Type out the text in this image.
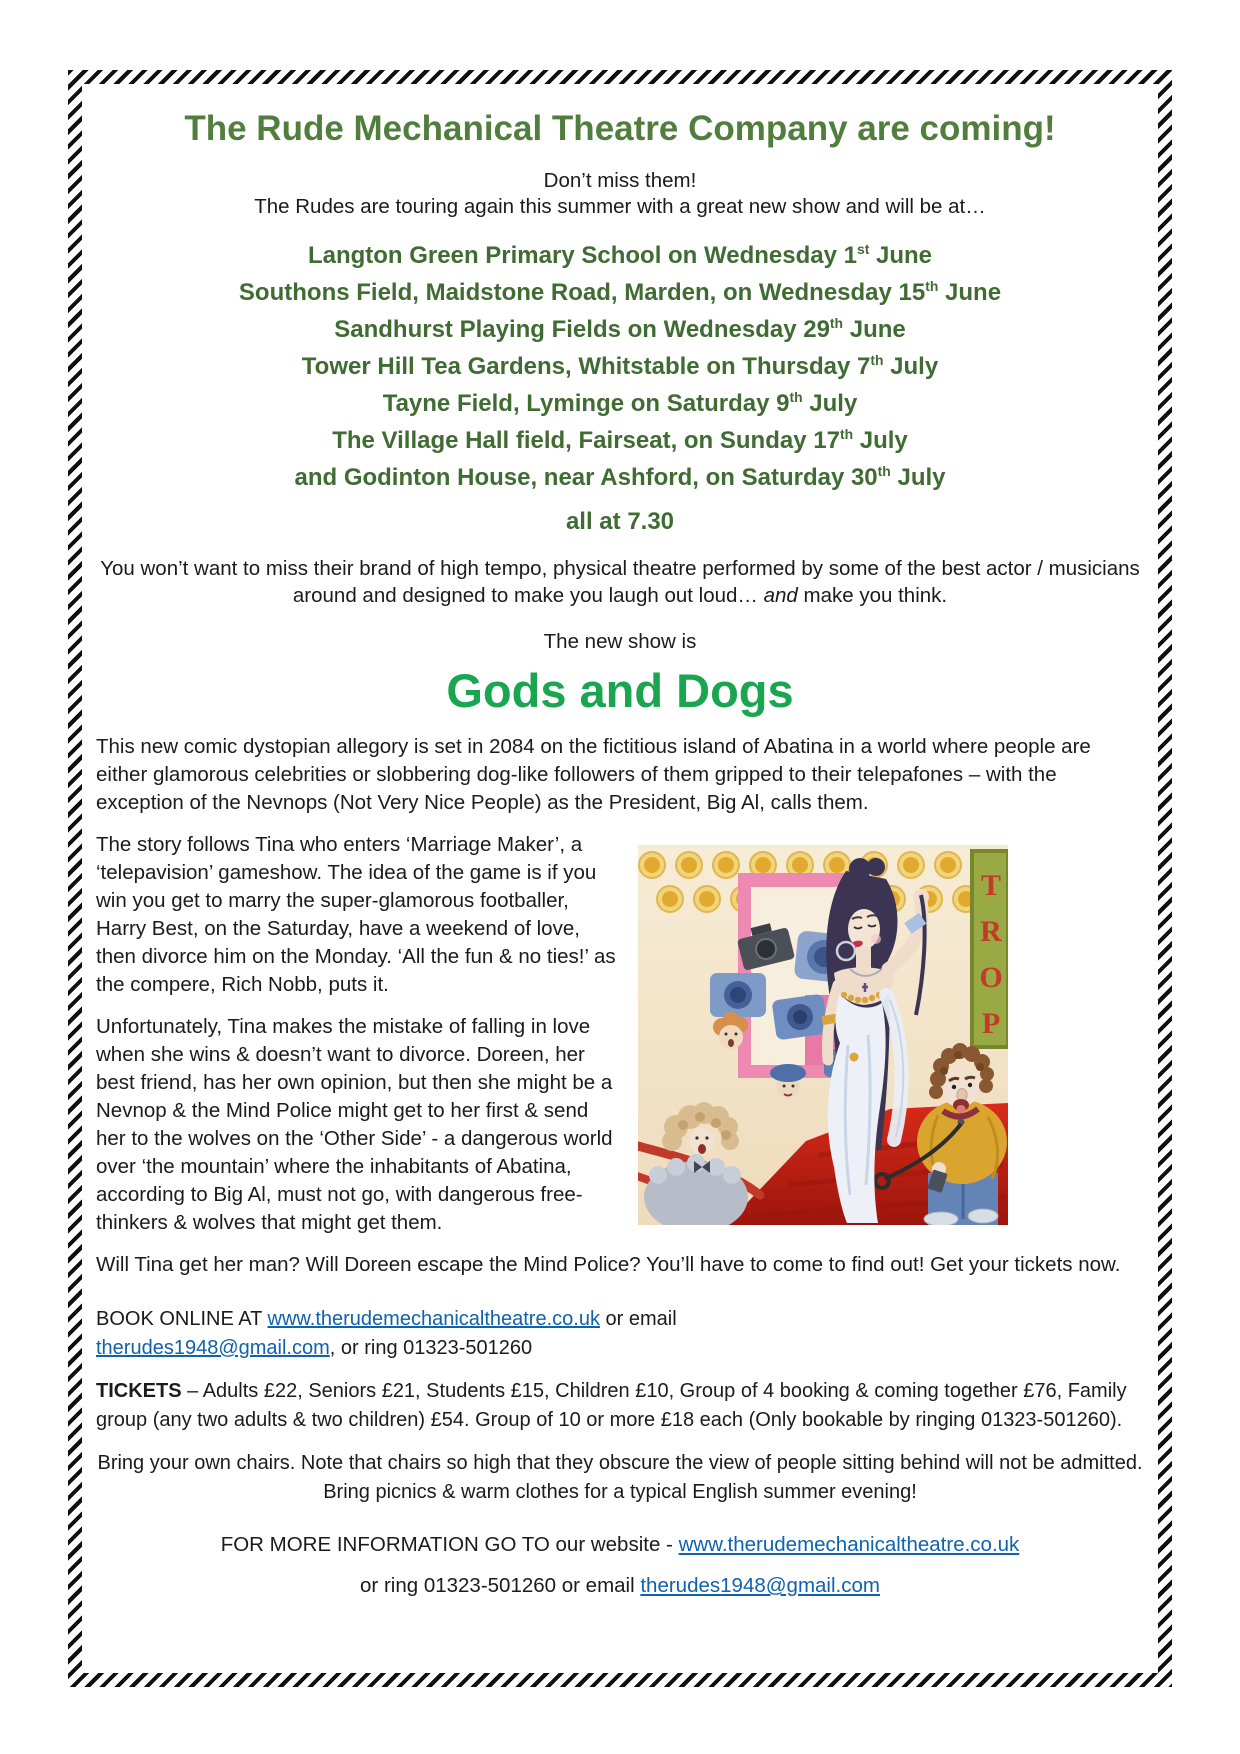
The Rude Mechanical Theatre Company are coming!
Don’t miss them!
The Rudes are touring again this summer with a great new show and will be at…
Langton Green Primary School on Wednesday 1st June
Southons Field, Maidstone Road, Marden, on Wednesday 15th June
Sandhurst Playing Fields on Wednesday 29th June
Tower Hill Tea Gardens, Whitstable on Thursday 7th July
Tayne Field, Lyminge on Saturday 9th July
The Village Hall field, Fairseat, on Sunday 17th July
and Godinton House, near Ashford, on Saturday 30th July
all at 7.30
You won’t want to miss their brand of high tempo, physical theatre performed by some of the best actor / musicians around and designed to make you laugh out loud… and make you think.
The new show is
Gods and Dogs

This new comic dystopian allegory is set in 2084 on the fictitious island of Abatina in a world where people are either glamorous celebrities or slobbering dog-like followers of them gripped to their telepafones – with the exception of the Nevnops (Not Very Nice People) as the President, Big Al, calls them.

T
R
O
P

The story follows Tina who enters ‘Marriage Maker’, a ‘telepavision’ gameshow. The idea of the game is if you win you get to marry the super-glamorous footballer, Harry Best, on the Saturday, have a weekend of love, then divorce him on the Monday. ‘All the fun & no ties!’ as the compere, Rich Nobb, puts it.

Unfortunately, Tina makes the mistake of falling in love when she wins & doesn’t want to divorce. Doreen, her best friend, has her own opinion, but then she might be a Nevnop & the Mind Police might get to her first & send her to the wolves on the ‘Other Side’ - a dangerous world over ‘the mountain’ where the inhabitants of Abatina, according to Big Al, must not go, with dangerous free-thinkers & wolves that might get them.

Will Tina get her man? Will Doreen escape the Mind Police? You’ll have to come to find out! Get your tickets now.

BOOK ONLINE AT www.therudemechanicaltheatre.co.uk or email therudes1948@gmail.com, or ring 01323-501260
TICKETS – Adults £22, Seniors £21, Students £15, Children £10, Group of 4 booking & coming together £76, Family group (any two adults & two children) £54. Group of 10 or more £18 each (Only bookable by ringing 01323-501260).
Bring your own chairs. Note that chairs so high that they obscure the view of people sitting behind will not be admitted. Bring picnics & warm clothes for a typical English summer evening!
FOR MORE INFORMATION GO TO our website - www.therudemechanicaltheatre.co.uk
or ring 01323-501260 or email therudes1948@gmail.com
